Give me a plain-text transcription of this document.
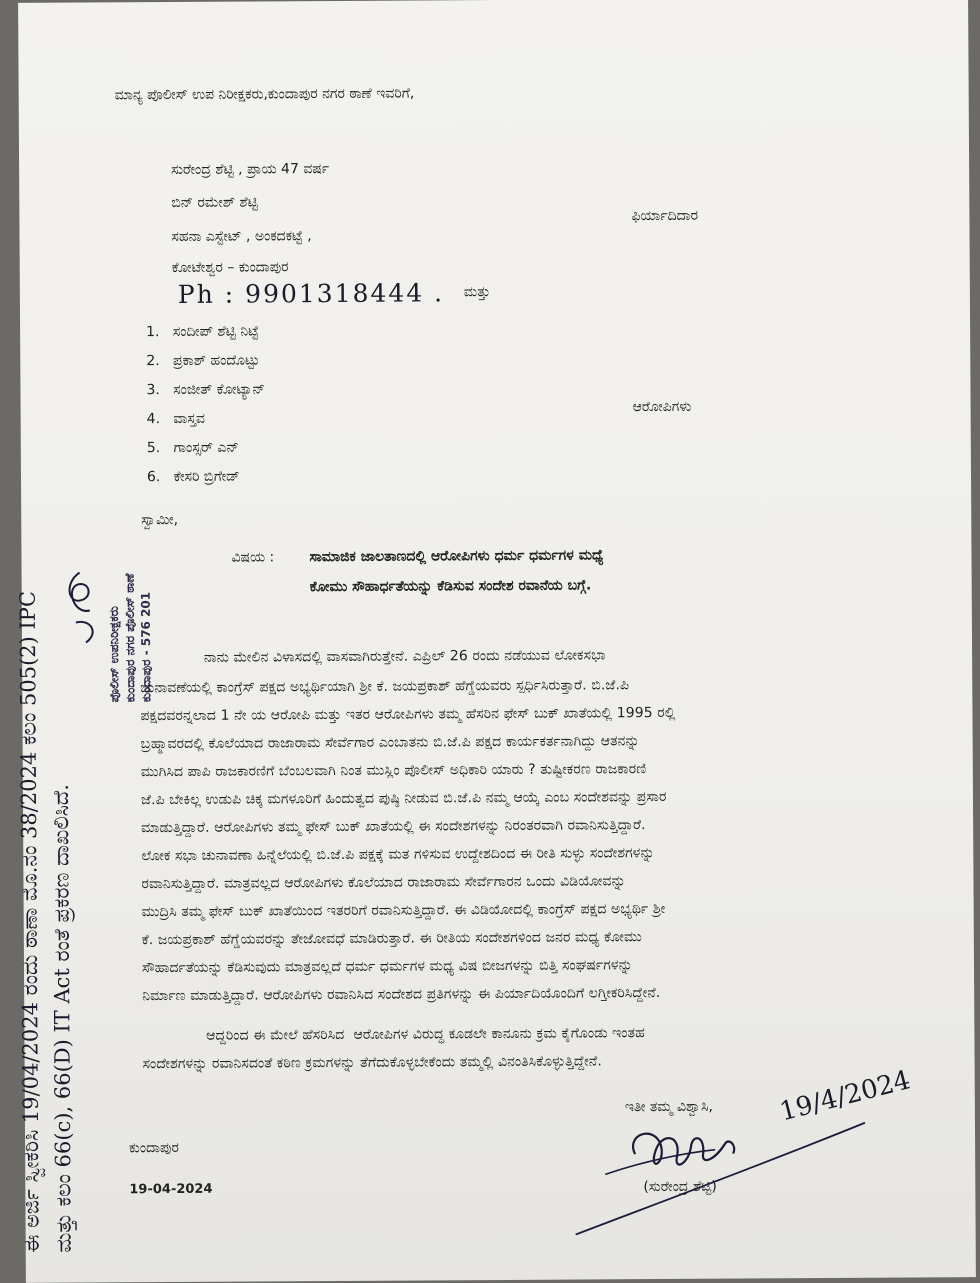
ಮಾನ್ಯ ಪೊಲೀಸ್ ಉಪ ನಿರೀಕ್ಷಕರು,ಕುಂದಾಪುರ ನಗರ ಠಾಣೆ ಇವರಿಗೆ,
ಸುರೇಂದ್ರ ಶೆಟ್ಟಿ , ಪ್ರಾಯ 47 ವರ್ಷ
ಬಿನ್ ರಮೇಶ್ ಶೆಟ್ಟಿ
ಸಹನಾ ಎಸ್ಟೇಟ್ , ಅಂಕದಕಟ್ಟೆ ,
ಕೋಟೇಶ್ವರ – ಕುಂದಾಪುರ
Ph : 9901318444 . ಮತ್ತು
ಫಿರ್ಯಾದಿದಾರ
1. ಸಂದೀಪ್ ಶೆಟ್ಟಿ ನಿಟ್ಟೆ
2. ಪ್ರಕಾಶ್ ಹಂದೊಟ್ಟು
3. ಸಂಜೀತ್ ಕೋಟ್ಯಾನ್
4. ವಾಸ್ತವ
5. ಗಾಂಸ್ಸರ್ ಎನ್
6. ಕೇಸರಿ ಬ್ರಿಗೇಡ್
ಆರೋಪಿಗಳು
ಸ್ವಾಮೀ,
ವಿಷಯ :	ಸಾಮಾಜಿಕ ಜಾಲತಾಣದಲ್ಲಿ ಆರೋಪಿಗಳು ಧರ್ಮ ಧರ್ಮಗಳ ಮಧ್ಯೆ
ಕೋಮು ಸೌಹಾರ್ಧತೆಯನ್ನು ಕೆಡಿಸುವ ಸಂದೇಶ ರವಾನೆಯ ಬಗ್ಗೆ.

ನಾನು ಮೇಲಿನ ವಿಳಾಸದಲ್ಲಿ ವಾಸವಾಗಿರುತ್ತೇನೆ. ಎಪ್ರಿಲ್ 26 ರಂದು ನಡೆಯುವ ಲೋಕಸಭಾ

ಚುನಾವಣೆಯಲ್ಲಿ ಕಾಂಗ್ರೆಸ್ ಪಕ್ಷದ ಅಭ್ಯರ್ಥಿಯಾಗಿ ಶ್ರೀ ಕೆ. ಜಯಪ್ರಕಾಶ್ ಹೆಗ್ಡೆಯವರು ಸ್ಪರ್ಧಿಸಿರುತ್ತಾರೆ. ಬಿ.ಜೆ.ಪಿ

ಪಕ್ಷದವರನ್ನಲಾದ 1 ನೇ ಯ ಆರೋಪಿ ಮತ್ತು ಇತರ ಆರೋಪಿಗಳು ತಮ್ಮ ಹೆಸರಿನ ಫೇಸ್ ಬುಕ್ ಖಾತೆಯಲ್ಲಿ 1995 ರಲ್ಲಿ

ಬ್ರಹ್ಮಾವರದಲ್ಲಿ ಕೊಲೆಯಾದ ರಾಜಾರಾಮ ಸೇರ್ವೆಗಾರ ಎಂಬಾತನು ಬಿ.ಜೆ.ಪಿ ಪಕ್ಷದ ಕಾರ್ಯಕರ್ತನಾಗಿದ್ದು ಆತನನ್ನು

ಮುಗಿಸಿದ ಪಾಪಿ ರಾಜಕಾರಣಿಗೆ ಬೆಂಬಲವಾಗಿ ನಿಂತ ಮುಸ್ಲಿಂ ಪೊಲೀಸ್ ಅಧಿಕಾರಿ ಯಾರು ? ತುಷ್ಟೀಕರಣ ರಾಜಕಾರಣಿ

ಜೆ.ಪಿ ಬೇಕಿಲ್ಲ ಉಡುಪಿ ಚಿಕ್ಕ ಮಗಳೂರಿಗೆ ಹಿಂದುತ್ವದ ಪುಷ್ಠಿ ನೀಡುವ ಬಿ.ಜೆ.ಪಿ ನಮ್ಮ ಆಯ್ಕೆ ಎಂಬ ಸಂದೇಶವನ್ನು ಪ್ರಸಾರ

ಮಾಡುತ್ತಿದ್ದಾರೆ. ಆರೋಪಿಗಳು ತಮ್ಮ ಫೇಸ್ ಬುಕ್ ಖಾತೆಯಲ್ಲಿ ಈ ಸಂದೇಶಗಳನ್ನು ನಿರಂತರವಾಗಿ ರವಾನಿಸುತ್ತಿದ್ದಾರೆ.

ಲೋಕ ಸಭಾ ಚುನಾವಣಾ ಹಿನ್ನೆಲೆಯಲ್ಲಿ ಬಿ.ಜೆ.ಪಿ ಪಕ್ಷಕ್ಕೆ ಮತ ಗಳಿಸುವ ಉದ್ದೇಶದಿಂದ ಈ ರೀತಿ ಸುಳ್ಳು ಸಂದೇಶಗಳನ್ನು

ರವಾನಿಸುತ್ತಿದ್ದಾರೆ. ಮಾತ್ರವಲ್ಲದ ಆರೋಪಿಗಳು ಕೊಲೆಯಾದ ರಾಜಾರಾಮ ಸೇರ್ವೆಗಾರನ ಒಂದು ವಿಡಿಯೋವನ್ನು

ಮುದ್ರಿಸಿ ತಮ್ಮ ಫೇಸ್ ಬುಕ್ ಖಾತೆಯಿಂದ ಇತರರಿಗೆ ರವಾನಿಸುತ್ತಿದ್ದಾರೆ. ಈ ವಿಡಿಯೋದಲ್ಲಿ ಕಾಂಗ್ರೆಸ್ ಪಕ್ಷದ ಅಭ್ಯರ್ಥಿ ಶ್ರೀ

ಕೆ. ಜಯಪ್ರಕಾಶ್ ಹೆಗ್ಡೆಯವರನ್ನು ತೇಜೋವಧೆ ಮಾಡಿರುತ್ತಾರೆ. ಈ ರೀತಿಯ ಸಂದೇಶಗಳಿಂದ ಜನರ ಮಧ್ಯ ಕೋಮು

ಸೌಹಾರ್ದತೆಯನ್ನು ಕೆಡಿಸುವುದು ಮಾತ್ರವಲ್ಲದೆ ಧರ್ಮ ಧರ್ಮಗಳ ಮಧ್ಯ ವಿಷ ಬೀಜಗಳನ್ನು ಬಿತ್ತಿ ಸಂಘರ್ಷಗಳನ್ನು

ನಿರ್ಮಾಣ ಮಾಡುತ್ತಿದ್ದಾರೆ. ಆರೋಪಿಗಳು ರವಾನಿಸಿದ ಸಂದೇಶದ ಪ್ರತಿಗಳನ್ನು ಈ ಪಿರ್ಯಾದಿಯೊಂದಿಗೆ ಲಗ್ತೀಕರಿಸಿದ್ದೇನೆ.

ಆದ್ದರಿಂದ ಈ ಮೇಲೆ ಹೆಸರಿಸಿದ  ಆರೋಪಿಗಳ ವಿರುದ್ಧ ಕೂಡಲೇ ಕಾನೂನು ಕ್ರಮ ಕೈಗೊಂಡು ಇಂತಹ
ಸಂದೇಶಗಳನ್ನು ರವಾನಿಸದಂತೆ ಕಠಿಣ ಕ್ರಮಗಳನ್ನು ತೆಗೆದುಕೊಳ್ಳಬೇಕೆಂದು ತಮ್ಮಲ್ಲಿ ವಿನಂತಿಸಿಕೊಳ್ಳುತ್ತಿದ್ದೇನೆ.
ಇತೀ ತಮ್ಮ ವಿಶ್ವಾಸಿ,
ಕುಂದಾಪುರ
19-04-2024
19/4/2024
(ಸುರೇಂದ್ರ ಶೆಟ್ಟಿ)
ಪೊಲೀಸ್ ಉಪನಿರೀಕ್ಷಕರು ಕುಂದಾಪುರ ನಗರ ಪೊಲೀಸ್ ಠಾಣೆ ಕುಂದಾಪುರ - 576 201
ಈ ಅರ್ಜಿ ಸ್ವೀಕರಿಸಿ 19/04/2024 ರಂದು ಠಾಣಾ ಮೊ.ನಂ 38/2024 ಕಲಂ 505(2) IPC ಮತ್ತು ಕಲಂ 66(c), 66(D) IT Act ರಂತೆ ಪ್ರಕರಣ ದಾಖಲಿಸಿದೆ.
